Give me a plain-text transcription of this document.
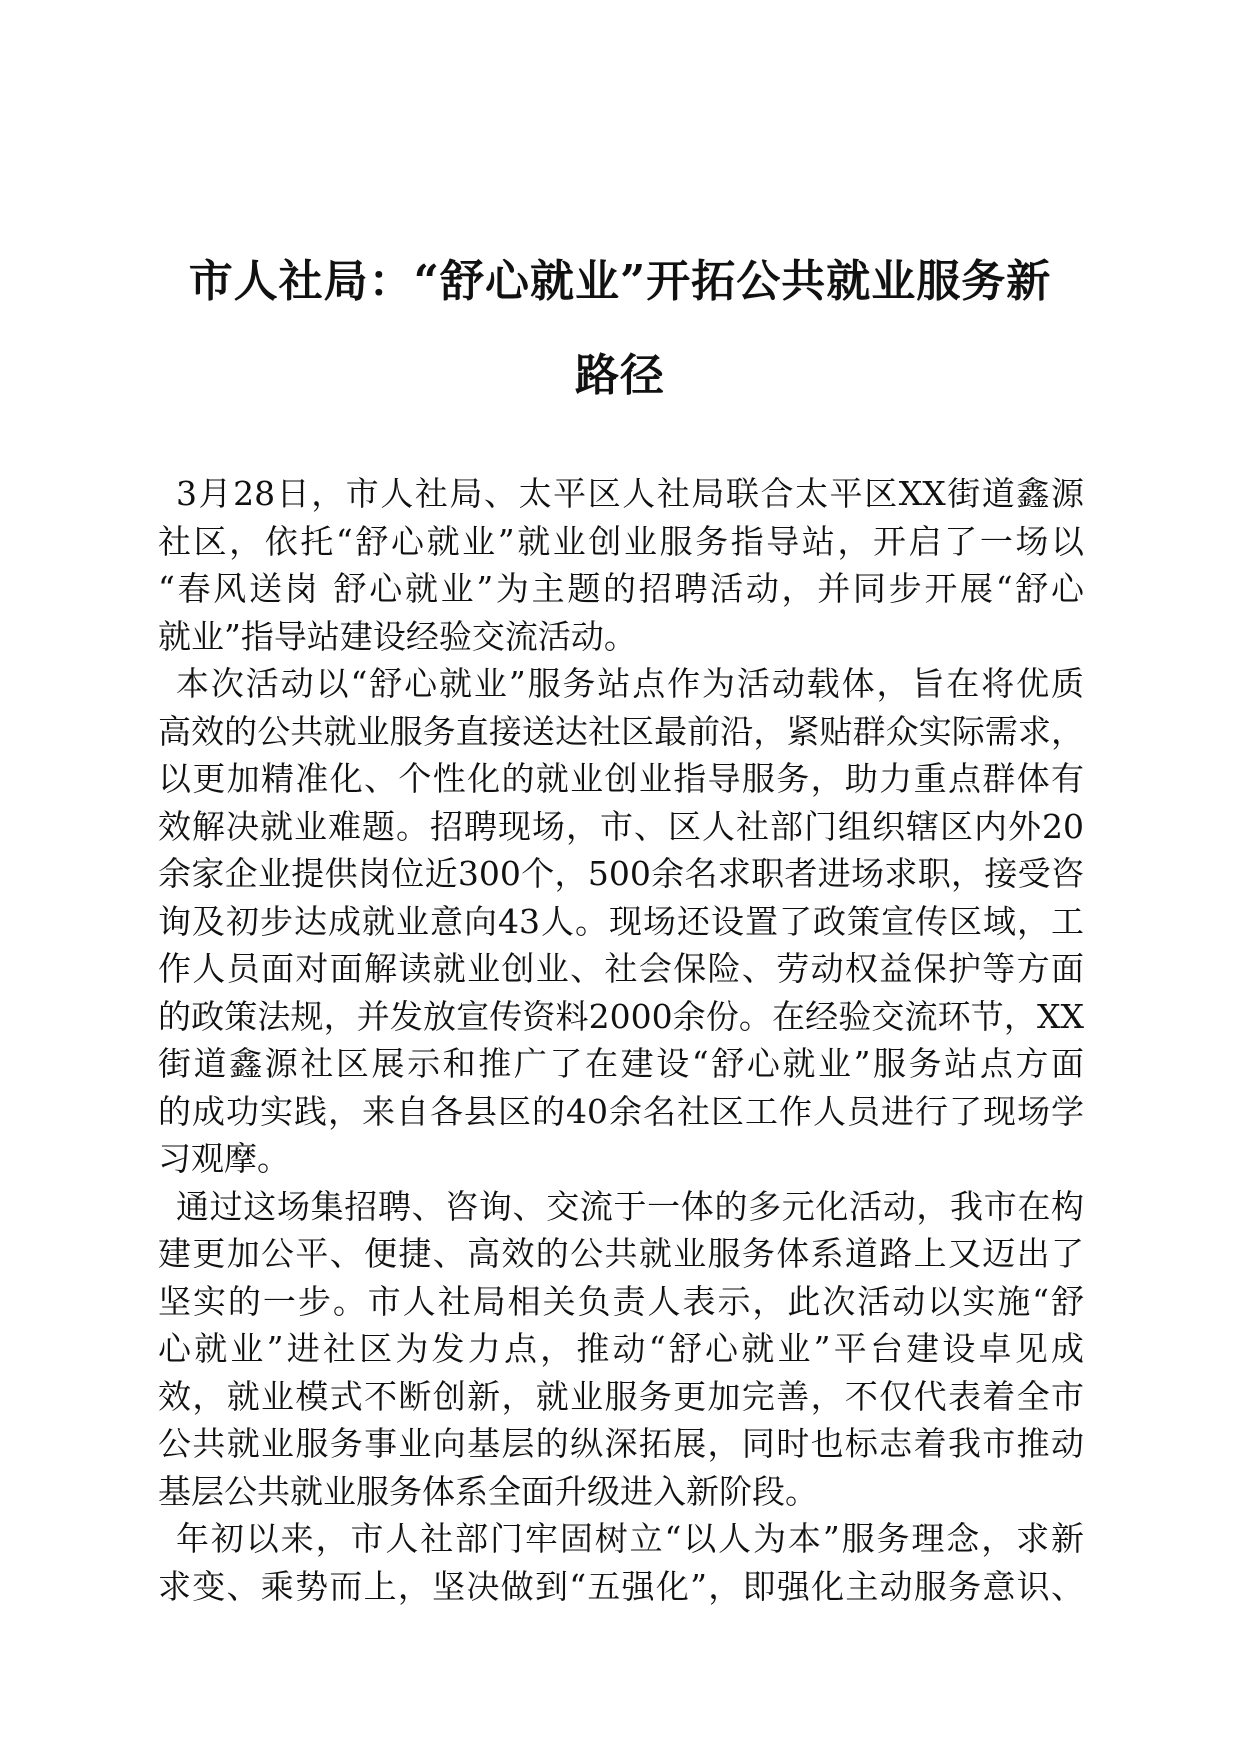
市人社局：“舒心就业”开拓公共就业服务新
路径

3月28日，市人社局、太平区人社局联合太平区XX街道鑫源
社区，依托“舒心就业”就业创业服务指导站，开启了一场以
“春风送岗 舒心就业”为主题的招聘活动，并同步开展“舒心
就业”指导站建设经验交流活动。

本次活动以“舒心就业”服务站点作为活动载体，旨在将优质
高效的公共就业服务直接送达社区最前沿，紧贴群众实际需求，
以更加精准化、个性化的就业创业指导服务，助力重点群体有
效解决就业难题。招聘现场，市、区人社部门组织辖区内外20
余家企业提供岗位近300个，500余名求职者进场求职，接受咨
询及初步达成就业意向43人。现场还设置了政策宣传区域，工
作人员面对面解读就业创业、社会保险、劳动权益保护等方面
的政策法规，并发放宣传资料2000余份。在经验交流环节，XX
街道鑫源社区展示和推广了在建设“舒心就业”服务站点方面
的成功实践，来自各县区的40余名社区工作人员进行了现场学
习观摩。

通过这场集招聘、咨询、交流于一体的多元化活动，我市在构
建更加公平、便捷、高效的公共就业服务体系道路上又迈出了
坚实的一步。市人社局相关负责人表示，此次活动以实施“舒
心就业”进社区为发力点，推动“舒心就业”平台建设卓见成
效，就业模式不断创新，就业服务更加完善，不仅代表着全市
公共就业服务事业向基层的纵深拓展，同时也标志着我市推动
基层公共就业服务体系全面升级进入新阶段。

年初以来，市人社部门牢固树立“以人为本”服务理念，求新
求变、乘势而上，坚决做到“五强化”，即强化主动服务意识、
